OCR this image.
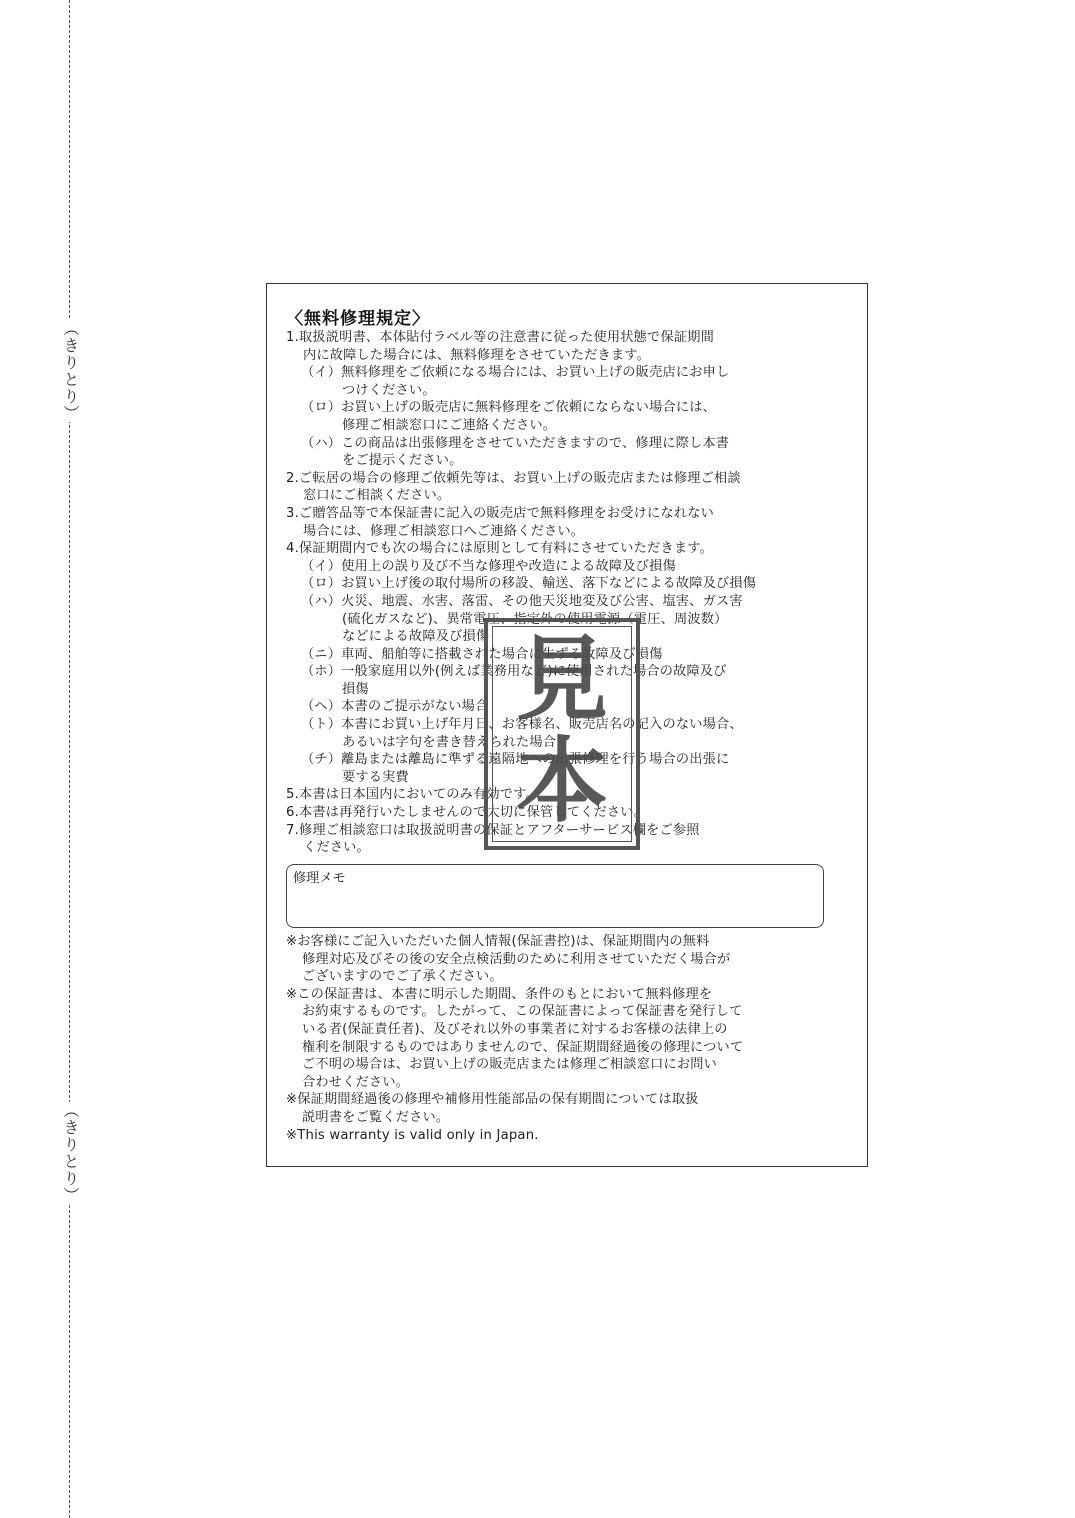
（きりとり）
（きりとり）
〈無料修理規定〉
1.取扱説明書、本体貼付ラベル等の注意書に従った使用状態で保証期間
内に故障した場合には、無料修理をさせていただきます。
（イ）無料修理をご依頼になる場合には、お買い上げの販売店にお申し
つけください。
（ロ）お買い上げの販売店に無料修理をご依頼にならない場合には、
修理ご相談窓口にご連絡ください。
（ハ）この商品は出張修理をさせていただきますので、修理に際し本書
をご提示ください。
2.ご転居の場合の修理ご依頼先等は、お買い上げの販売店または修理ご相談
窓口にご相談ください。
3.ご贈答品等で本保証書に記入の販売店で無料修理をお受けになれない
場合には、修理ご相談窓口へご連絡ください。
4.保証期間内でも次の場合には原則として有料にさせていただきます。
（イ）使用上の誤り及び不当な修理や改造による故障及び損傷
（ロ）お買い上げ後の取付場所の移設、輸送、落下などによる故障及び損傷
（ハ）火災、地震、水害、落雷、その他天災地変及び公害、塩害、ガス害
(硫化ガスなど)、異常電圧、指定外の使用電源（電圧、周波数）
などによる故障及び損傷
（ニ）車両、船舶等に搭載された場合に生ずる故障及び損傷
（ホ）一般家庭用以外(例えば業務用など)に使用された場合の故障及び
損傷
（ヘ）本書のご提示がない場合
（ト）本書にお買い上げ年月日、お客様名、販売店名の記入のない場合、
あるいは字句を書き替えられた場合
（チ）離島または離島に準ずる遠隔地への出張修理を行う場合の出張に
要する実費
5.本書は日本国内においてのみ有効です。
6.本書は再発行いたしませんので大切に保管してください。
7.修理ご相談窓口は取扱説明書の保証とアフターサービス欄をご参照
ください。
修理メモ
※お客様にご記入いただいた個人情報(保証書控)は、保証期間内の無料
修理対応及びその後の安全点検活動のために利用させていただく場合が
ございますのでご了承ください。
※この保証書は、本書に明示した期間、条件のもとにおいて無料修理を
お約束するものです。したがって、この保証書によって保証書を発行して
いる者(保証責任者)、及びそれ以外の事業者に対するお客様の法律上の
権利を制限するものではありませんので、保証期間経過後の修理について
ご不明の場合は、お買い上げの販売店または修理ご相談窓口にお問い
合わせください。
※保証期間経過後の修理や補修用性能部品の保有期間については取扱
説明書をご覧ください。
※This warranty is valid only in Japan.
見
本
